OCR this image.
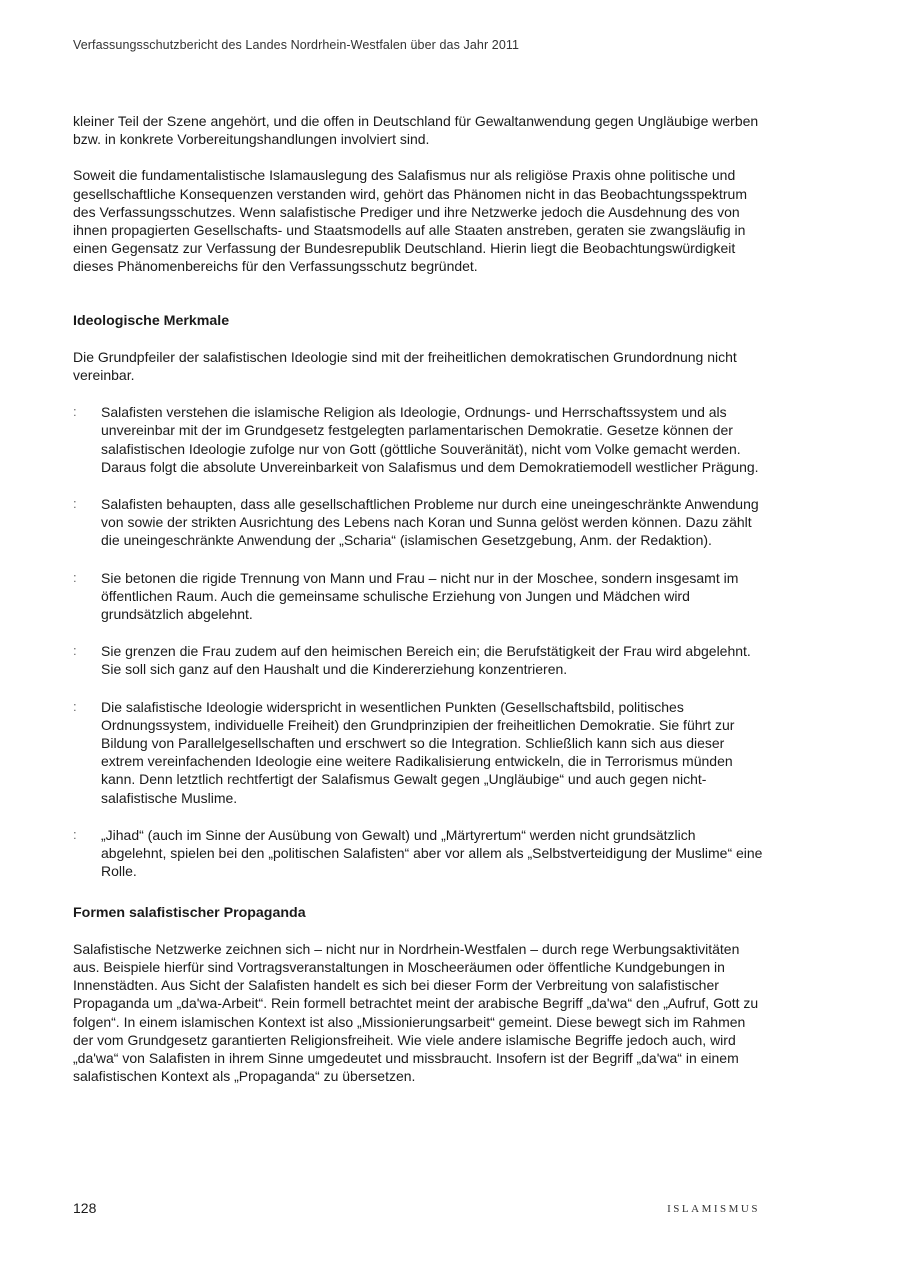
Verfassungsschutzbericht des Landes Nordrhein-Westfalen über das Jahr 2011

kleiner Teil der Szene angehört, und die offen in Deutschland für Gewaltanwendung gegen Ungläubige werben bzw. in konkrete Vorbereitungshandlungen involviert sind.

Soweit die fundamentalistische Islamauslegung des Salafismus nur als religiöse Praxis ohne politische und gesellschaftliche Konsequenzen verstanden wird, gehört das Phänomen nicht in das Beobachtungsspektrum des Verfassungsschutzes. Wenn salafistische Prediger und ihre Netzwerke jedoch die Ausdehnung des von ihnen propagierten Gesellschafts- und Staatsmodells auf alle Staaten anstreben, geraten sie zwangsläufig in einen Gegensatz zur Verfassung der Bundesrepublik Deutschland. Hierin liegt die Beobachtungswürdigkeit dieses Phänomenbereichs für den Verfassungsschutz begründet.

Ideologische Merkmale

Die Grundpfeiler der salafistischen Ideologie sind mit der freiheitlichen demokratischen Grundordnung nicht vereinbar.

: Salafisten verstehen die islamische Religion als Ideologie, Ordnungs- und Herrschaftssystem und als unvereinbar mit der im Grundgesetz festgelegten parlamentarischen Demokratie. Gesetze können der salafistischen Ideologie zufolge nur von Gott (göttliche Souveränität), nicht vom Volke gemacht werden. Daraus folgt die absolute Unvereinbarkeit von Salafismus und dem Demokratiemodell westlicher Prägung.
: Salafisten behaupten, dass alle gesellschaftlichen Probleme nur durch eine uneingeschränkte Anwendung von sowie der strikten Ausrichtung des Lebens nach Koran und Sunna gelöst werden können. Dazu zählt die uneingeschränkte Anwendung der „Scharia“ (islamischen Gesetzgebung, Anm. der Redaktion).
: Sie betonen die rigide Trennung von Mann und Frau – nicht nur in der Moschee, sondern insgesamt im öffentlichen Raum. Auch die gemeinsame schulische Erziehung von Jungen und Mädchen wird grundsätzlich abgelehnt.
: Sie grenzen die Frau zudem auf den heimischen Bereich ein; die Berufstätigkeit der Frau wird abgelehnt. Sie soll sich ganz auf den Haushalt und die Kindererziehung konzentrieren.
: Die salafistische Ideologie widerspricht in wesentlichen Punkten (Gesellschaftsbild, politisches Ordnungssystem, individuelle Freiheit) den Grundprinzipien der freiheitlichen Demokratie. Sie führt zur Bildung von Parallelgesellschaften und erschwert so die Integration. Schließlich kann sich aus dieser extrem vereinfachenden Ideologie eine weitere Radikalisierung entwickeln, die in Terrorismus münden kann. Denn letztlich rechtfertigt der Salafismus Gewalt gegen „Ungläubige“ und auch gegen nicht-salafistische Muslime.
: „Jihad“ (auch im Sinne der Ausübung von Gewalt) und „Märtyrertum“ werden nicht grundsätzlich abgelehnt, spielen bei den „politischen Salafisten“ aber vor allem als „Selbstverteidigung der Muslime“ eine Rolle.
Formen salafistischer Propaganda

Salafistische Netzwerke zeichnen sich – nicht nur in Nordrhein-Westfalen – durch rege Werbungsaktivitäten aus. Beispiele hierfür sind Vortragsveranstaltungen in Moscheeräumen oder öffentliche Kundgebungen in Innenstädten. Aus Sicht der Salafisten handelt es sich bei dieser Form der Verbreitung von salafistischer Propaganda um „da'wa-Arbeit“. Rein formell betrachtet meint der arabische Begriff „da'wa“ den „Aufruf, Gott zu folgen“. In einem islamischen Kontext ist also „Missionierungsarbeit“ gemeint. Diese bewegt sich im Rahmen der vom Grundgesetz garantierten Religionsfreiheit. Wie viele andere islamische Begriffe jedoch auch, wird „da'wa“ von Salafisten in ihrem Sinne umgedeutet und missbraucht. Insofern ist der Begriff „da'wa“ in einem salafistischen Kontext als „Propaganda“ zu übersetzen.

128	ISLAMISMUS
